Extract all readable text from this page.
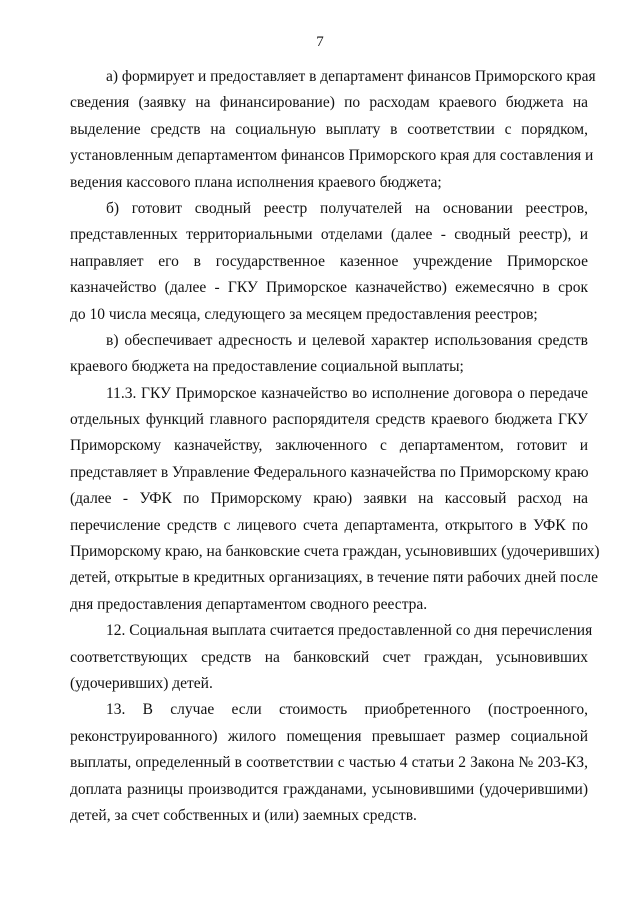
7
а) формирует и предоставляет в департамент финансов Приморского края
сведения (заявку на финансирование) по расходам краевого бюджета на
выделение средств на социальную выплату в соответствии с порядком,
установленным департаментом финансов Приморского края для составления и
ведения кассового плана исполнения краевого бюджета;
б) готовит сводный реестр получателей на основании реестров,
представленных территориальными отделами (далее - сводный реестр), и
направляет его в государственное казенное учреждение Приморское
казначейство (далее - ГКУ Приморское казначейство) ежемесячно в срок
до 10 числа месяца, следующего за месяцем предоставления реестров;
в) обеспечивает адресность и целевой характер использования средств
краевого бюджета на предоставление социальной выплаты;
11.3. ГКУ Приморское казначейство во исполнение договора о передаче
отдельных функций главного распорядителя средств краевого бюджета ГКУ
Приморскому казначейству, заключенного с департаментом, готовит и
представляет в Управление Федерального казначейства по Приморскому краю
(далее - УФК по Приморскому краю) заявки на кассовый расход на
перечисление средств с лицевого счета департамента, открытого в УФК по
Приморскому краю, на банковские счета граждан, усыновивших (удочеривших)
детей, открытые в кредитных организациях, в течение пяти рабочих дней после
дня предоставления департаментом сводного реестра.
12. Социальная выплата считается предоставленной со дня перечисления
соответствующих средств на банковский счет граждан, усыновивших
(удочеривших) детей.
13. В случае если стоимость приобретенного (построенного,
реконструированного) жилого помещения превышает размер социальной
выплаты, определенный в соответствии с частью 4 статьи 2 Закона № 203-КЗ,
доплата разницы производится гражданами, усыновившими (удочерившими)
детей, за счет собственных и (или) заемных средств.
